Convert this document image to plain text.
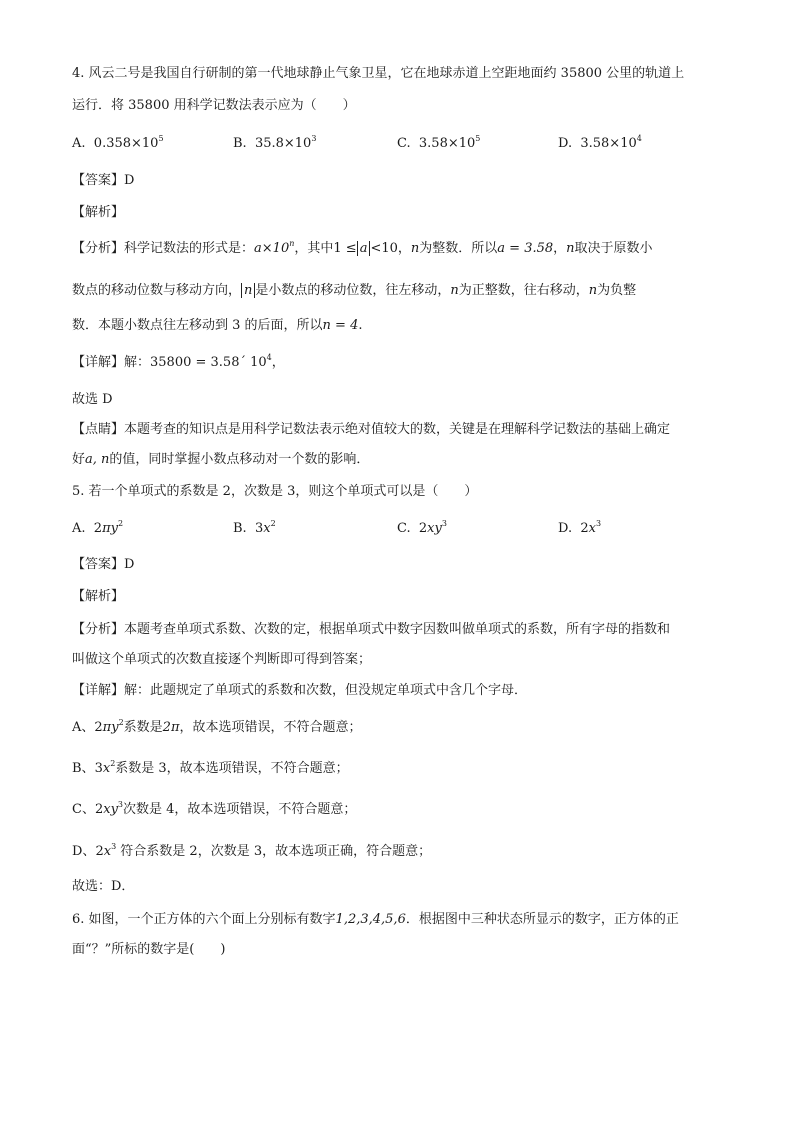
4. 风云二号是我国自行研制的第一代地球静止气象卫星，它在地球赤道上空距地面约 35800 公里的轨道上
运行．将 35800 用科学记数法表示应为（　　）
A. $0.358\times 10^5$	B. $35.8\times 10^3$	C. $3.58\times 10^5$	D. $3.58\times 10^4$
【答案】D
【解析】
【分析】科学记数法的形式是：$a\times 10^n$，其中1 ≤ a <10，n为整数．所以a = 3.58，n取决于原数小
数点的移动位数与移动方向， n 是小数点的移动位数，往左移动，n为正整数，往右移动，n为负整
数．本题小数点往左移动到 3 的后面，所以n = 4.
【详解】解：35800 = 3.58´ $10^4$，
故选 D
【点睛】本题考查的知识点是用科学记数法表示绝对值较大的数，关键是在理解科学记数法的基础上确定
好a, n的值，同时掌握小数点移动对一个数的影响．
5. 若一个单项式的系数是 2，次数是 3，则这个单项式可以是（　　）
A. $2\pi y^2$	B. $3x^2$	C. $2xy^3$	D. $2x^3$
【答案】D
【解析】
【分析】本题考查单项式系数、次数的定，根据单项式中数字因数叫做单项式的系数，所有字母的指数和
叫做这个单项式的次数直接逐个判断即可得到答案；
【详解】解：此题规定了单项式的系数和次数，但没规定单项式中含几个字母．
A、$2\pi y^2$系数是2π，故本选项错误，不符合题意；
B、$3x^2$系数是 3，故本选项错误，不符合题意；
C、$2xy^3$次数是 4，故本选项错误，不符合题意；
D、$2x^3$ 符合系数是 2，次数是 3，故本选项正确，符合题意；
故选：D．
6. 如图，一个正方体的六个面上分别标有数字1,2,3,4,5,6．根据图中三种状态所显示的数字，正方体的正
面“？”所标的数字是(　　)
